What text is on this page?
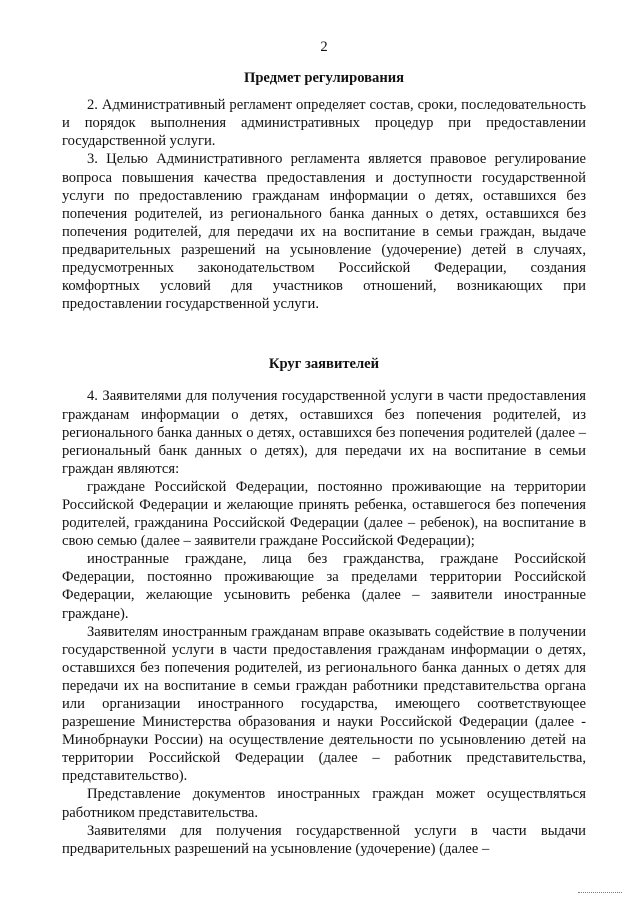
2
Предмет регулирования

2. Административный регламент определяет состав, сроки, последовательность и порядок выполнения административных процедур при предоставлении государственной услуги.

3. Целью Административного регламента является правовое регулирование вопроса повышения качества предоставления и доступности государственной услуги по предоставлению гражданам информации о детях, оставшихся без попечения родителей, из регионального банка данных о детях, оставшихся без попечения родителей, для передачи их на воспитание в семьи граждан, выдаче предварительных разрешений на усыновление (удочерение) детей в случаях, предусмотренных законодательством Российской Федерации, создания комфортных условий для участников отношений, возникающих при предоставлении государственной услуги.

Круг заявителей

4. Заявителями для получения государственной услуги в части предоставления гражданам информации о детях, оставшихся без попечения родителей, из регионального банка данных о детях, оставшихся без попечения родителей (далее – региональный банк данных о детях), для передачи их на воспитание в семьи граждан являются:

граждане Российской Федерации, постоянно проживающие на территории Российской Федерации и желающие принять ребенка, оставшегося без попечения родителей, гражданина Российской Федерации (далее – ребенок), на воспитание в свою семью (далее – заявители граждане Российской Федерации);

иностранные граждане, лица без гражданства, граждане Российской Федерации, постоянно проживающие за пределами территории Российской Федерации, желающие усыновить ребенка (далее – заявители иностранные граждане).

Заявителям иностранным гражданам вправе оказывать содействие в получении государственной услуги в части предоставления гражданам информации о детях, оставшихся без попечения родителей, из регионального банка данных о детях для передачи их на воспитание в семьи граждан работники представительства органа или организации иностранного государства, имеющего соответствующее разрешение Министерства образования и науки Российской Федерации (далее - Минобрнауки России) на осуществление деятельности по усыновлению детей на территории Российской Федерации (далее – работник представительства, представительство).

Представление документов иностранных граждан может осуществляться работником представительства.

Заявителями для получения государственной услуги в части выдачи предварительных разрешений на усыновление (удочерение) (далее –
